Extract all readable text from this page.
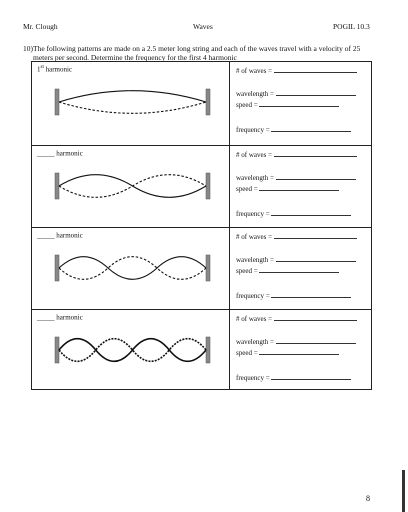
Mr. Clough	Waves	POGIL 10.3
10) The following patterns are made on a 2.5 meter long string and each of the waves travel with a velocity of 25 meters per second. Determine the frequency for the first 4 harmonic
1st harmonic	# of waves =
wavelength =
speed =
frequency =
_____ harmonic	# of waves =
wavelength =
speed =
frequency =
_____ harmonic	# of waves =
wavelength =
speed =
frequency =
_____ harmonic	# of waves =
wavelength =
speed =
frequency =
8
